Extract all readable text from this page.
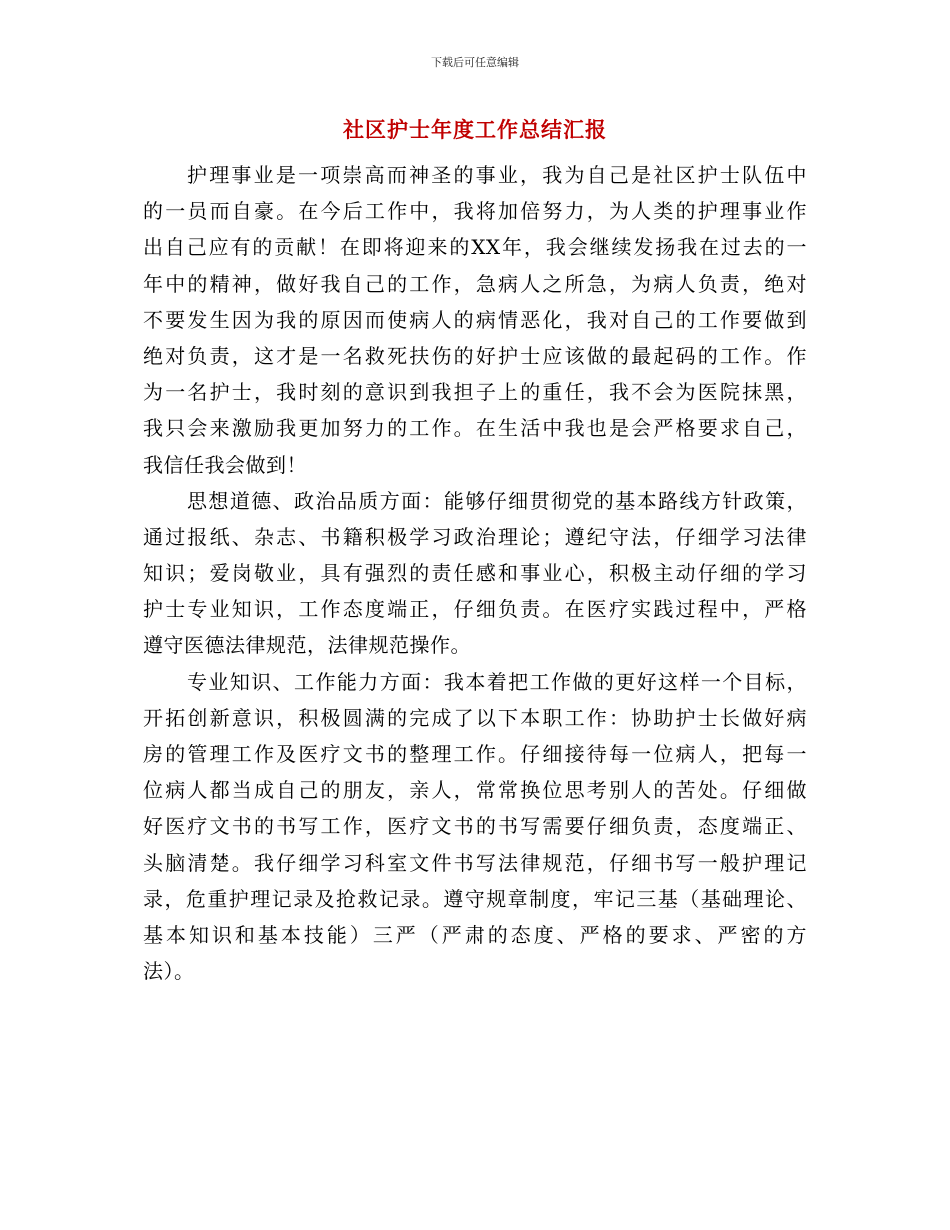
下载后可任意编辑
社区护士年度工作总结汇报
护理事业是一项崇高而神圣的事业，我为自己是社区护士队伍中
的一员而自豪。在今后工作中，我将加倍努力，为人类的护理事业作
出自己应有的贡献！在即将迎来的XX年，我会继续发扬我在过去的一
年中的精神，做好我自己的工作，急病人之所急，为病人负责，绝对
不要发生因为我的原因而使病人的病情恶化，我对自己的工作要做到
绝对负责，这才是一名救死扶伤的好护士应该做的最起码的工作。作
为一名护士，我时刻的意识到我担子上的重任，我不会为医院抹黑，
我只会来激励我更加努力的工作。在生活中我也是会严格要求自己，
我信任我会做到！
思想道德、政治品质方面：能够仔细贯彻党的基本路线方针政策，
通过报纸、杂志、书籍积极学习政治理论；遵纪守法，仔细学习法律
知识；爱岗敬业，具有强烈的责任感和事业心，积极主动仔细的学习
护士专业知识，工作态度端正，仔细负责。在医疗实践过程中，严格
遵守医德法律规范，法律规范操作。
专业知识、工作能力方面：我本着把工作做的更好这样一个目标，
开拓创新意识，积极圆满的完成了以下本职工作：协助护士长做好病
房的管理工作及医疗文书的整理工作。仔细接待每一位病人，把每一
位病人都当成自己的朋友，亲人，常常换位思考别人的苦处。仔细做
好医疗文书的书写工作，医疗文书的书写需要仔细负责，态度端正、
头脑清楚。我仔细学习科室文件书写法律规范，仔细书写一般护理记
录，危重护理记录及抢救记录。遵守规章制度，牢记三基（基础理论、
基本知识和基本技能）三严（严肃的态度、严格的要求、严密的方
法）。
